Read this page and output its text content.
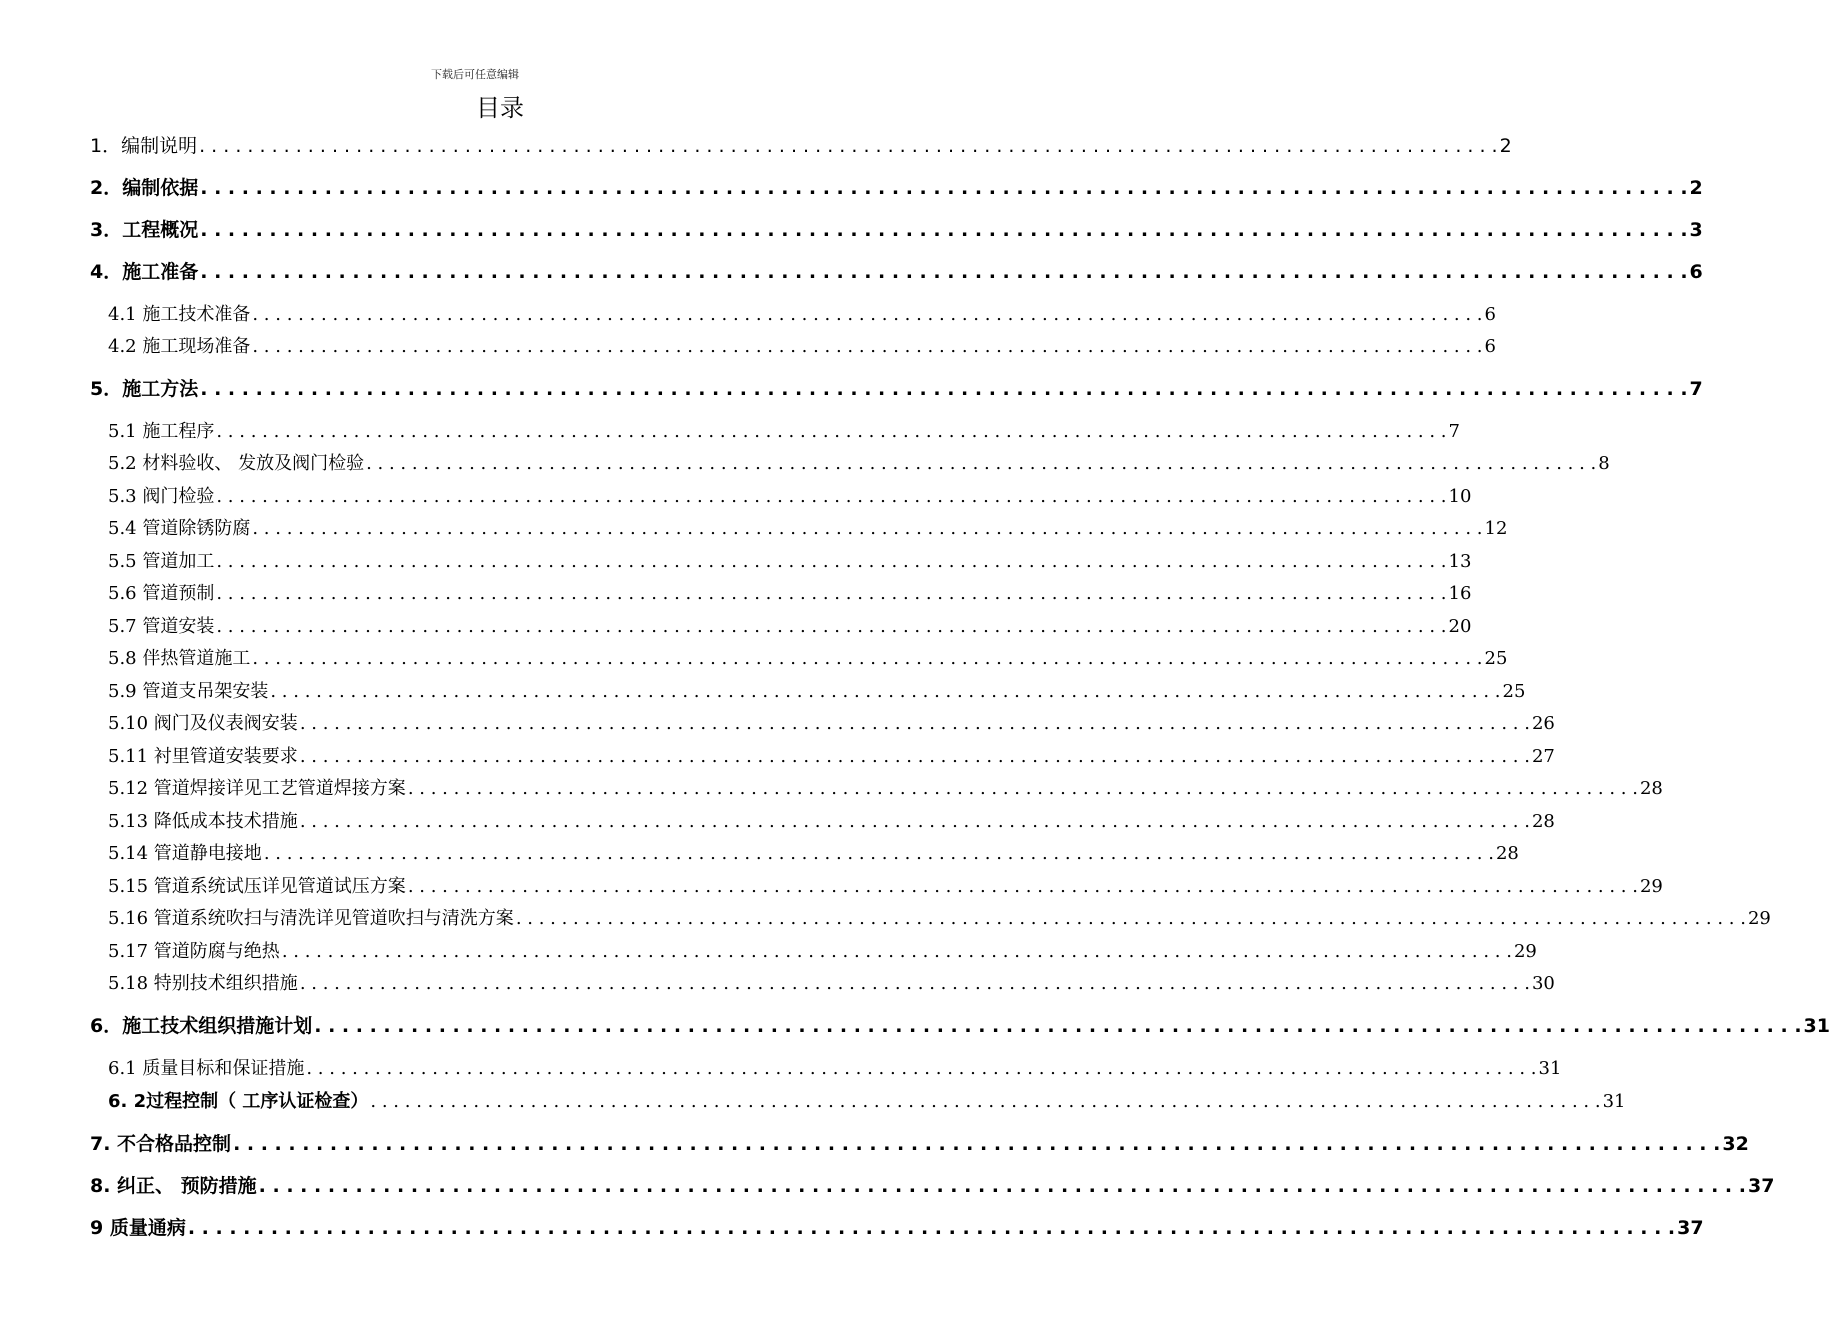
下载后可任意编辑
目录
1．编制说明 . . . . . . . . . . . . . . . . . . . . . . . . . . . . . . . . . . . . . . . . . . . . . . . . . . . . . . . . . . . . . . . . . . . . . . . . . . . . . . . . . . . . . . . . . . . . . . . . . . . . . . . . . . . . 2
2．编制依据 . . . . . . . . . . . . . . . . . . . . . . . . . . . . . . . . . . . . . . . . . . . . . . . . . . . . . . . . . . . . . . . . . . . . . . . . . . . . . . . . . . . . . . . . . . . . . . . . . . . . . . . . . . . . 2
3．工程概况 . . . . . . . . . . . . . . . . . . . . . . . . . . . . . . . . . . . . . . . . . . . . . . . . . . . . . . . . . . . . . . . . . . . . . . . . . . . . . . . . . . . . . . . . . . . . . . . . . . . . . . . . . . . . 3
4．施工准备 . . . . . . . . . . . . . . . . . . . . . . . . . . . . . . . . . . . . . . . . . . . . . . . . . . . . . . . . . . . . . . . . . . . . . . . . . . . . . . . . . . . . . . . . . . . . . . . . . . . . . . . . . . . . 6
4.1 施工技术准备 . . . . . . . . . . . . . . . . . . . . . . . . . . . . . . . . . . . . . . . . . . . . . . . . . . . . . . . . . . . . . . . . . . . . . . . . . . . . . . . . . . . . . . . . . . . . . . . . . . . . . . . . . . . . 6
4.2 施工现场准备 . . . . . . . . . . . . . . . . . . . . . . . . . . . . . . . . . . . . . . . . . . . . . . . . . . . . . . . . . . . . . . . . . . . . . . . . . . . . . . . . . . . . . . . . . . . . . . . . . . . . . . . . . . . . 6
5．施工方法 . . . . . . . . . . . . . . . . . . . . . . . . . . . . . . . . . . . . . . . . . . . . . . . . . . . . . . . . . . . . . . . . . . . . . . . . . . . . . . . . . . . . . . . . . . . . . . . . . . . . . . . . . . . . 7
5.1 施工程序 . . . . . . . . . . . . . . . . . . . . . . . . . . . . . . . . . . . . . . . . . . . . . . . . . . . . . . . . . . . . . . . . . . . . . . . . . . . . . . . . . . . . . . . . . . . . . . . . . . . . . . . . . . . . 7
5.2 材料验收、 发放及阀门检验 . . . . . . . . . . . . . . . . . . . . . . . . . . . . . . . . . . . . . . . . . . . . . . . . . . . . . . . . . . . . . . . . . . . . . . . . . . . . . . . . . . . . . . . . . . . . . . . . . . . . . . . . . . . . 8
5.3 阀门检验 . . . . . . . . . . . . . . . . . . . . . . . . . . . . . . . . . . . . . . . . . . . . . . . . . . . . . . . . . . . . . . . . . . . . . . . . . . . . . . . . . . . . . . . . . . . . . . . . . . . . . . . . . . . . 10
5.4 管道除锈防腐 . . . . . . . . . . . . . . . . . . . . . . . . . . . . . . . . . . . . . . . . . . . . . . . . . . . . . . . . . . . . . . . . . . . . . . . . . . . . . . . . . . . . . . . . . . . . . . . . . . . . . . . . . . . . 12
5.5 管道加工 . . . . . . . . . . . . . . . . . . . . . . . . . . . . . . . . . . . . . . . . . . . . . . . . . . . . . . . . . . . . . . . . . . . . . . . . . . . . . . . . . . . . . . . . . . . . . . . . . . . . . . . . . . . . 13
5.6 管道预制 . . . . . . . . . . . . . . . . . . . . . . . . . . . . . . . . . . . . . . . . . . . . . . . . . . . . . . . . . . . . . . . . . . . . . . . . . . . . . . . . . . . . . . . . . . . . . . . . . . . . . . . . . . . . 16
5.7 管道安装 . . . . . . . . . . . . . . . . . . . . . . . . . . . . . . . . . . . . . . . . . . . . . . . . . . . . . . . . . . . . . . . . . . . . . . . . . . . . . . . . . . . . . . . . . . . . . . . . . . . . . . . . . . . . 20
5.8 伴热管道施工 . . . . . . . . . . . . . . . . . . . . . . . . . . . . . . . . . . . . . . . . . . . . . . . . . . . . . . . . . . . . . . . . . . . . . . . . . . . . . . . . . . . . . . . . . . . . . . . . . . . . . . . . . . . . 25
5.9 管道支吊架安装 . . . . . . . . . . . . . . . . . . . . . . . . . . . . . . . . . . . . . . . . . . . . . . . . . . . . . . . . . . . . . . . . . . . . . . . . . . . . . . . . . . . . . . . . . . . . . . . . . . . . . . . . . . . . 25
5.10 阀门及仪表阀安装 . . . . . . . . . . . . . . . . . . . . . . . . . . . . . . . . . . . . . . . . . . . . . . . . . . . . . . . . . . . . . . . . . . . . . . . . . . . . . . . . . . . . . . . . . . . . . . . . . . . . . . . . . . . . 26
5.11 衬里管道安装要求 . . . . . . . . . . . . . . . . . . . . . . . . . . . . . . . . . . . . . . . . . . . . . . . . . . . . . . . . . . . . . . . . . . . . . . . . . . . . . . . . . . . . . . . . . . . . . . . . . . . . . . . . . . . . 27
5.12 管道焊接详见工艺管道焊接方案 . . . . . . . . . . . . . . . . . . . . . . . . . . . . . . . . . . . . . . . . . . . . . . . . . . . . . . . . . . . . . . . . . . . . . . . . . . . . . . . . . . . . . . . . . . . . . . . . . . . . . . . . . . . . 28
5.13 降低成本技术措施 . . . . . . . . . . . . . . . . . . . . . . . . . . . . . . . . . . . . . . . . . . . . . . . . . . . . . . . . . . . . . . . . . . . . . . . . . . . . . . . . . . . . . . . . . . . . . . . . . . . . . . . . . . . . 28
5.14 管道静电接地 . . . . . . . . . . . . . . . . . . . . . . . . . . . . . . . . . . . . . . . . . . . . . . . . . . . . . . . . . . . . . . . . . . . . . . . . . . . . . . . . . . . . . . . . . . . . . . . . . . . . . . . . . . . . 28
5.15 管道系统试压详见管道试压方案 . . . . . . . . . . . . . . . . . . . . . . . . . . . . . . . . . . . . . . . . . . . . . . . . . . . . . . . . . . . . . . . . . . . . . . . . . . . . . . . . . . . . . . . . . . . . . . . . . . . . . . . . . . . . 29
5.16 管道系统吹扫与清洗详见管道吹扫与清洗方案 . . . . . . . . . . . . . . . . . . . . . . . . . . . . . . . . . . . . . . . . . . . . . . . . . . . . . . . . . . . . . . . . . . . . . . . . . . . . . . . . . . . . . . . . . . . . . . . . . . . . . . . . . . . . 29
5.17 管道防腐与绝热 . . . . . . . . . . . . . . . . . . . . . . . . . . . . . . . . . . . . . . . . . . . . . . . . . . . . . . . . . . . . . . . . . . . . . . . . . . . . . . . . . . . . . . . . . . . . . . . . . . . . . . . . . . . . 29
5.18 特别技术组织措施 . . . . . . . . . . . . . . . . . . . . . . . . . . . . . . . . . . . . . . . . . . . . . . . . . . . . . . . . . . . . . . . . . . . . . . . . . . . . . . . . . . . . . . . . . . . . . . . . . . . . . . . . . . . . 30
6．施工技术组织措施计划 . . . . . . . . . . . . . . . . . . . . . . . . . . . . . . . . . . . . . . . . . . . . . . . . . . . . . . . . . . . . . . . . . . . . . . . . . . . . . . . . . . . . . . . . . . . . . . . . . . . . . . . . . . . . 31
6.1 质量目标和保证措施 . . . . . . . . . . . . . . . . . . . . . . . . . . . . . . . . . . . . . . . . . . . . . . . . . . . . . . . . . . . . . . . . . . . . . . . . . . . . . . . . . . . . . . . . . . . . . . . . . . . . . . . . . . . . 31
6. 2过程控制（ 工序认证检查） . . . . . . . . . . . . . . . . . . . . . . . . . . . . . . . . . . . . . . . . . . . . . . . . . . . . . . . . . . . . . . . . . . . . . . . . . . . . . . . . . . . . . . . . . . . . . . . . . . . . . . . . . . . . 31
7. 不合格品控制 . . . . . . . . . . . . . . . . . . . . . . . . . . . . . . . . . . . . . . . . . . . . . . . . . . . . . . . . . . . . . . . . . . . . . . . . . . . . . . . . . . . . . . . . . . . . . . . . . . . . . . . . . . . . 32
8. 纠正、 预防措施 . . . . . . . . . . . . . . . . . . . . . . . . . . . . . . . . . . . . . . . . . . . . . . . . . . . . . . . . . . . . . . . . . . . . . . . . . . . . . . . . . . . . . . . . . . . . . . . . . . . . . . . . . . . . 37
9 质量通病 . . . . . . . . . . . . . . . . . . . . . . . . . . . . . . . . . . . . . . . . . . . . . . . . . . . . . . . . . . . . . . . . . . . . . . . . . . . . . . . . . . . . . . . . . . . . . . . . . . . . . . . . . . . . 37
